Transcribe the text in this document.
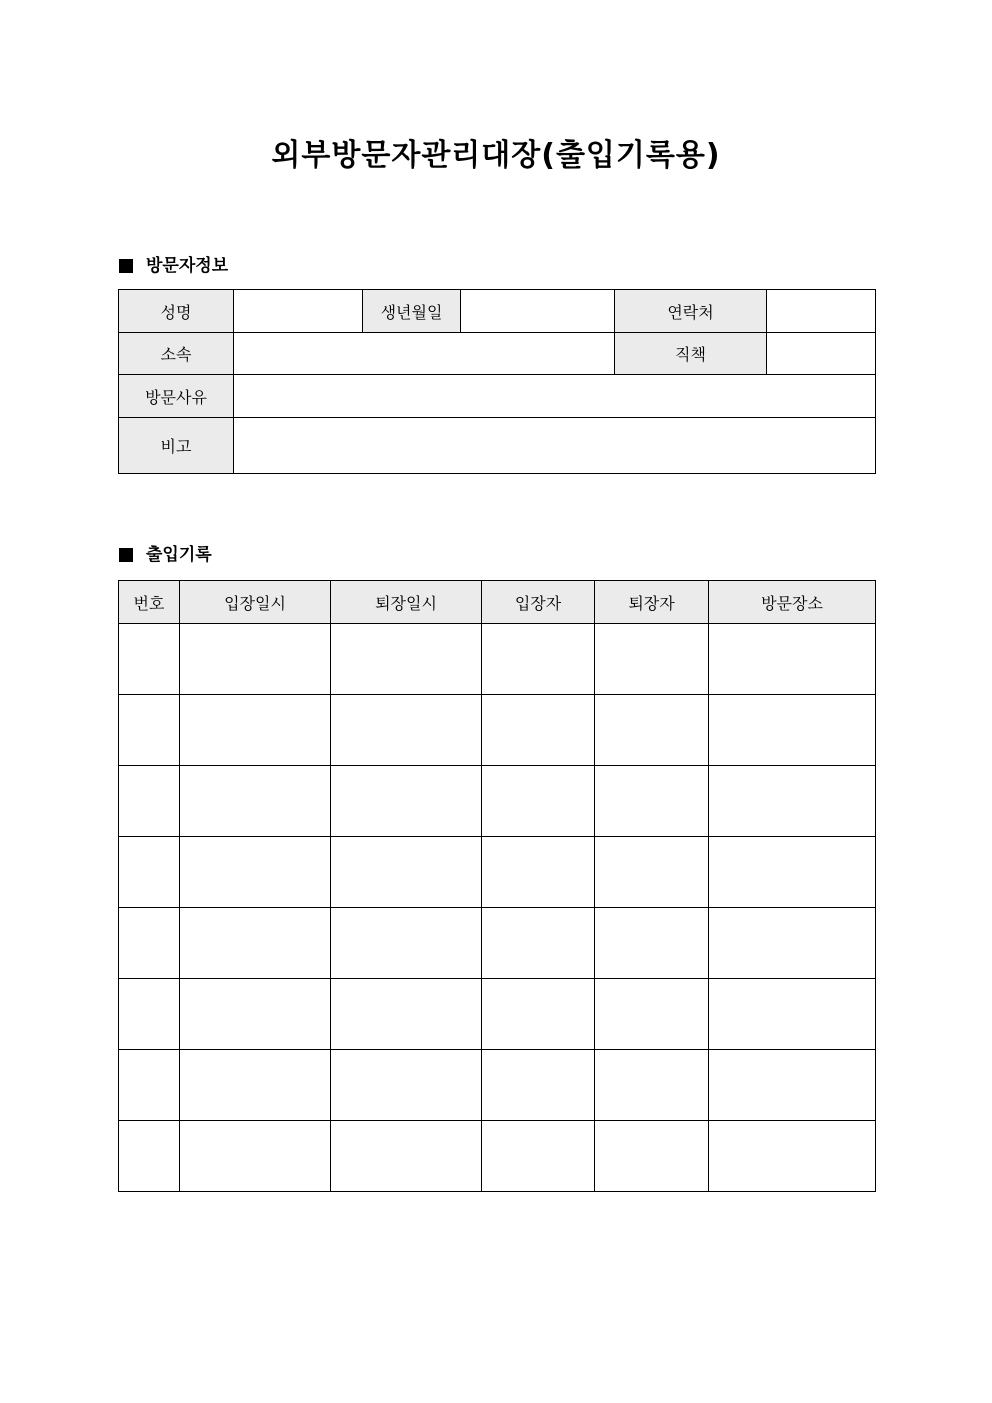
외부방문자관리대장(출입기록용)
방문자정보
성명		생년월일		연락처	
소속				직책	
방문사유					
비고					
출입기록
번호	입장일시	퇴장일시	입장자	퇴장자	방문장소
